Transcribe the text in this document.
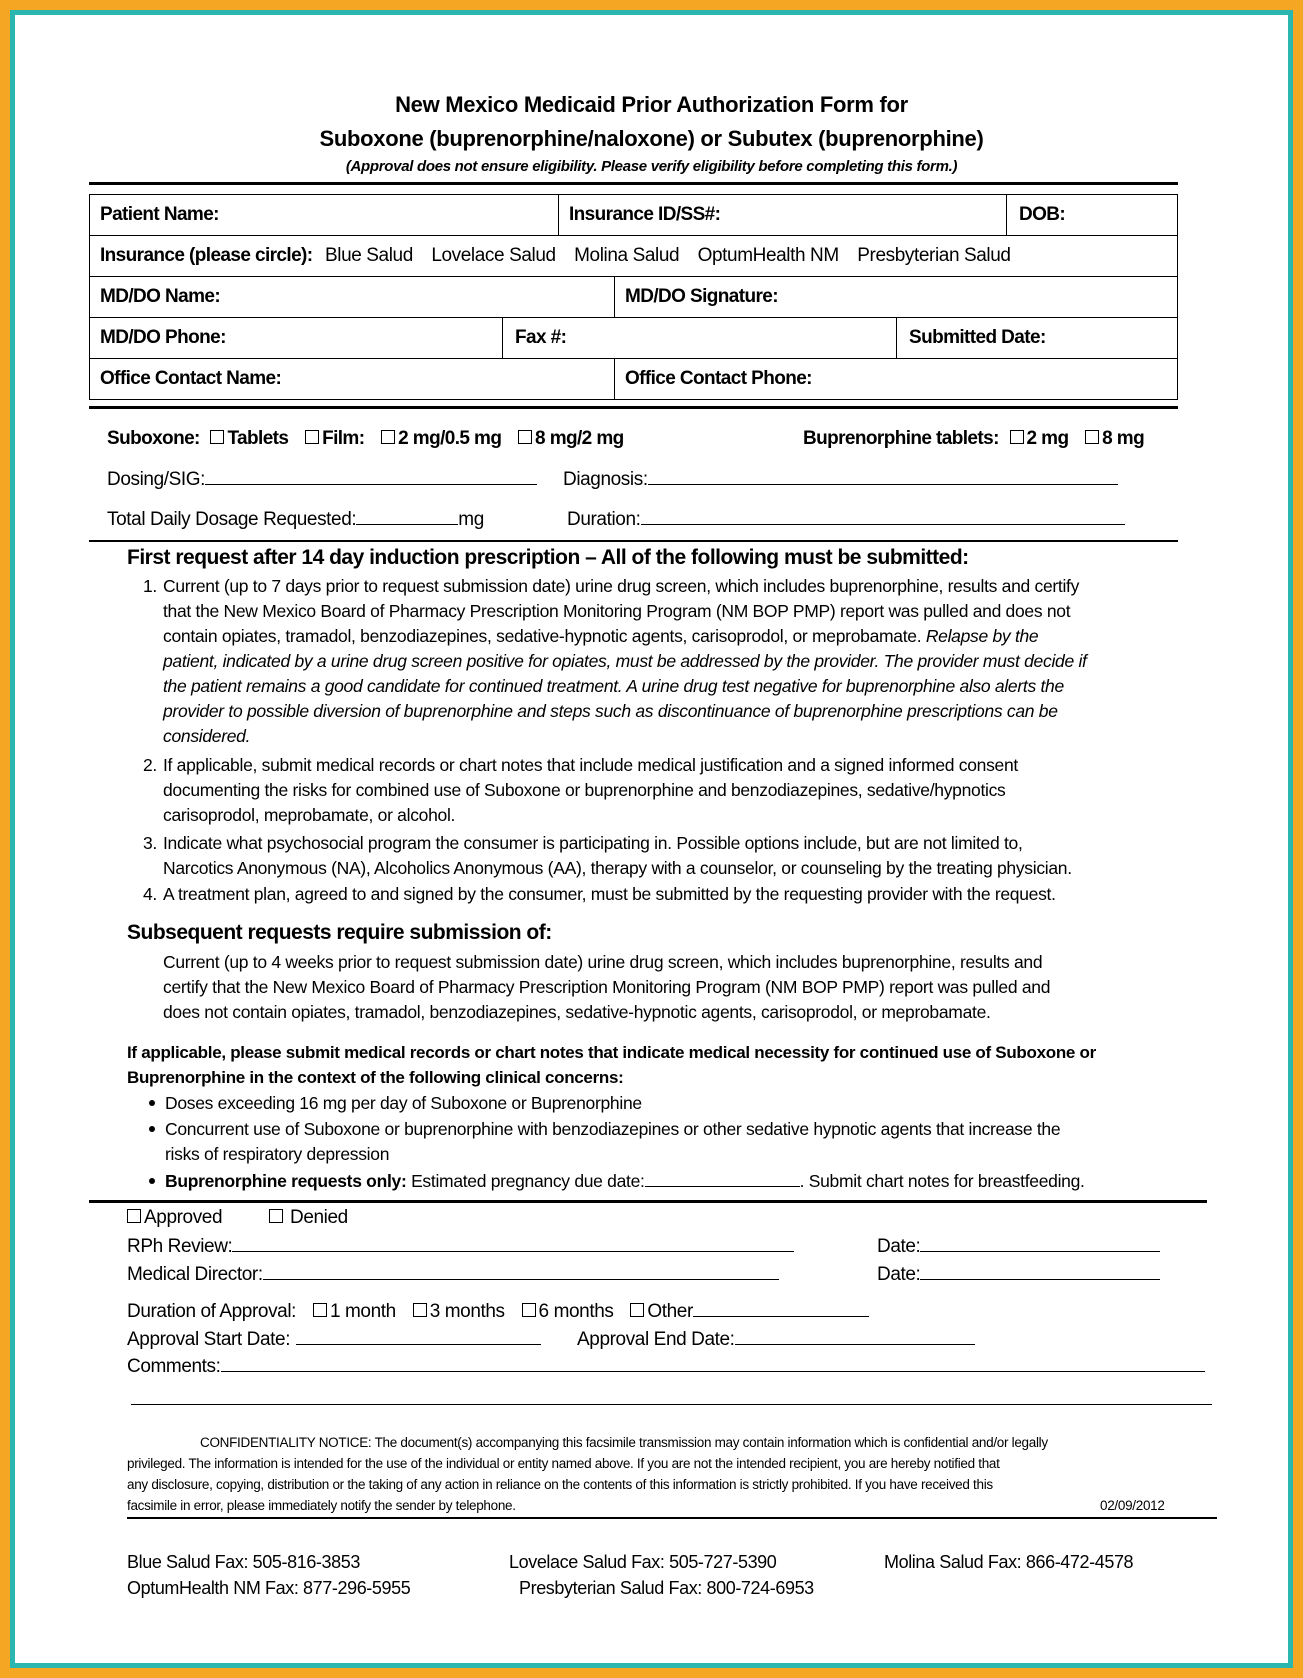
New Mexico Medicaid Prior Authorization Form for
Suboxone (buprenorphine/naloxone) or Subutex (buprenorphine)
(Approval does not ensure eligibility. Please verify eligibility before completing this form.)
Patient Name:	Insurance ID/SS#:	DOB:
Insurance (please circle): Blue Salud Lovelace Salud Molina Salud OptumHealth NM Presbyterian Salud
MD/DO Name:	MD/DO Signature:
MD/DO Phone:	Fax #:	Submitted Date:
Office Contact Name:	Office Contact Phone:
Suboxone: Tablets Film: 2 mg/0.5 mg 8 mg/2 mg	Buprenorphine tablets: 2 mg 8 mg
Dosing/SIG:	Diagnosis:
Total Daily Dosage Requested:	mg	Duration:
First request after 14 day induction prescription – All of the following must be submitted:
1. Current (up to 7 days prior to request submission date) urine drug screen, which includes buprenorphine, results and certify
that the New Mexico Board of Pharmacy Prescription Monitoring Program (NM BOP PMP) report was pulled and does not
contain opiates, tramadol, benzodiazepines, sedative-hypnotic agents, carisoprodol, or meprobamate. Relapse by the
patient, indicated by a urine drug screen positive for opiates, must be addressed by the provider. The provider must decide if
the patient remains a good candidate for continued treatment. A urine drug test negative for buprenorphine also alerts the
provider to possible diversion of buprenorphine and steps such as discontinuance of buprenorphine prescriptions can be
considered.
2. If applicable, submit medical records or chart notes that include medical justification and a signed informed consent
documenting the risks for combined use of Suboxone or buprenorphine and benzodiazepines, sedative/hypnotics
carisoprodol, meprobamate, or alcohol.
3. Indicate what psychosocial program the consumer is participating in. Possible options include, but are not limited to,
Narcotics Anonymous (NA), Alcoholics Anonymous (AA), therapy with a counselor, or counseling by the treating physician.
4. A treatment plan, agreed to and signed by the consumer, must be submitted by the requesting provider with the request.
Subsequent requests require submission of:
Current (up to 4 weeks prior to request submission date) urine drug screen, which includes buprenorphine, results and
certify that the New Mexico Board of Pharmacy Prescription Monitoring Program (NM BOP PMP) report was pulled and
does not contain opiates, tramadol, benzodiazepines, sedative-hypnotic agents, carisoprodol, or meprobamate.
If applicable, please submit medical records or chart notes that indicate medical necessity for continued use of Suboxone or
Buprenorphine in the context of the following clinical concerns:
Doses exceeding 16 mg per day of Suboxone or Buprenorphine
Concurrent use of Suboxone or buprenorphine with benzodiazepines or other sedative hypnotic agents that increase the
risks of respiratory depression
Buprenorphine requests only: Estimated pregnancy due date:	. Submit chart notes for breastfeeding.
Approved	Denied
RPh Review:	Date:
Medical Director:	Date:
Duration of Approval: 1 month 3 months 6 months Other
Approval Start Date:	Approval End Date:
Comments:
CONFIDENTIALITY NOTICE: The document(s) accompanying this facsimile transmission may contain information which is confidential and/or legally
privileged. The information is intended for the use of the individual or entity named above. If you are not the intended recipient, you are hereby notified that
any disclosure, copying, distribution or the taking of any action in reliance on the contents of this information is strictly prohibited. If you have received this
facsimile in error, please immediately notify the sender by telephone.	02/09/2012
Blue Salud Fax: 505-816-3853	Lovelace Salud Fax: 505-727-5390	Molina Salud Fax: 866-472-4578
OptumHealth NM Fax: 877-296-5955	Presbyterian Salud Fax: 800-724-6953
